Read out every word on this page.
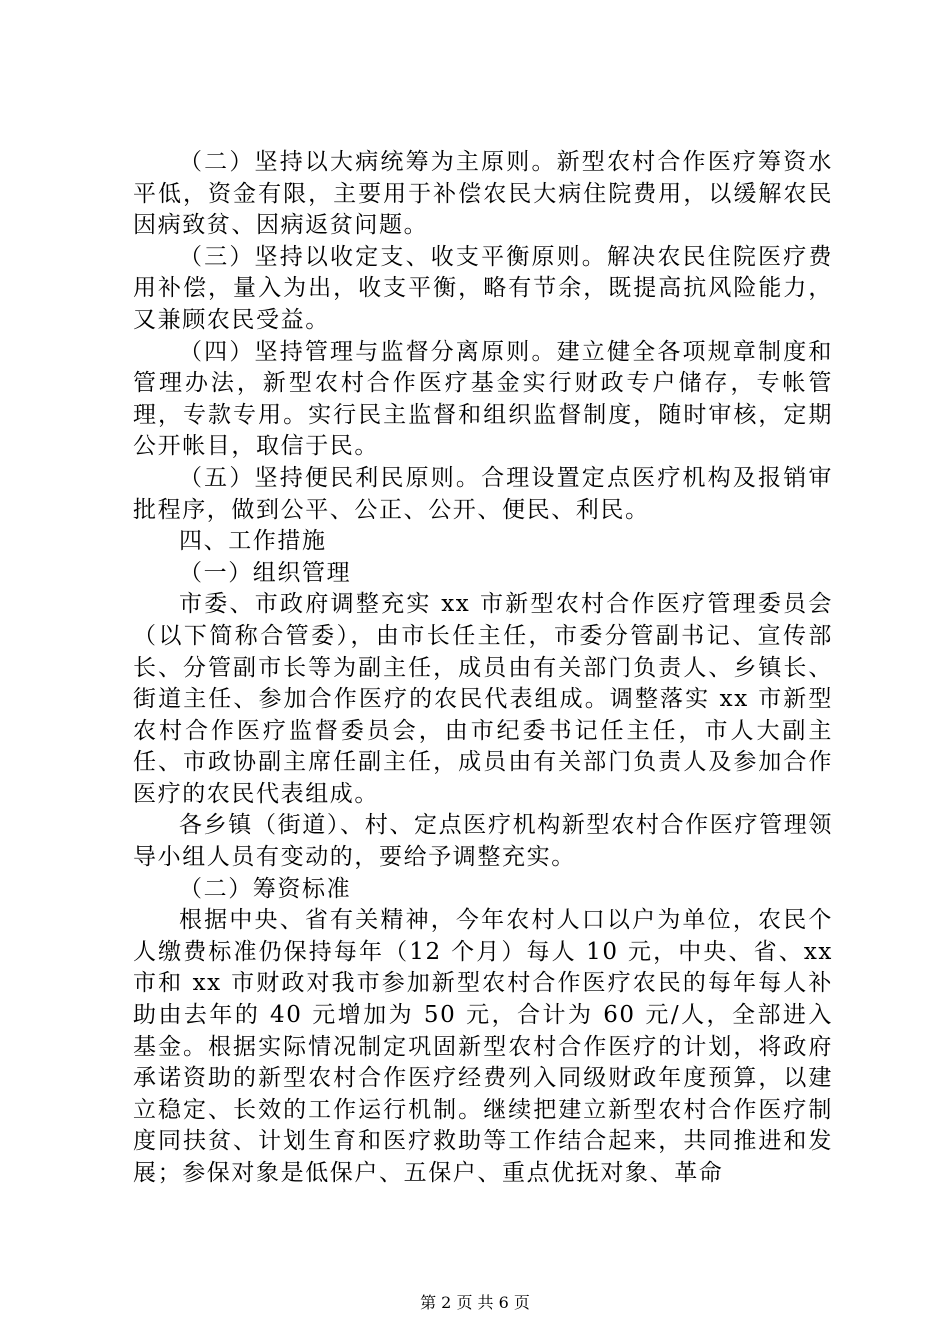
（二）坚持以大病统筹为主原则。新型农村合作医疗筹资水平低，资金有限，主要用于补偿农民大病住院费用，以缓解农民因病致贫、因病返贫问题。

（三）坚持以收定支、收支平衡原则。解决农民住院医疗费用补偿，量入为出，收支平衡，略有节余，既提高抗风险能力，又兼顾农民受益。

（四）坚持管理与监督分离原则。建立健全各项规章制度和管理办法，新型农村合作医疗基金实行财政专户储存，专帐管理，专款专用。实行民主监督和组织监督制度，随时审核，定期公开帐目，取信于民。

（五）坚持便民利民原则。合理设置定点医疗机构及报销审批程序，做到公平、公正、公开、便民、利民。

四、工作措施

（一）组织管理

市委、市政府调整充实 xx 市新型农村合作医疗管理委员会（以下简称合管委），由市长任主任，市委分管副书记、宣传部长、分管副市长等为副主任，成员由有关部门负责人、乡镇长、街道主任、参加合作医疗的农民代表组成。调整落实 xx 市新型农村合作医疗监督委员会，由市纪委书记任主任，市人大副主任、市政协副主席任副主任，成员由有关部门负责人及参加合作医疗的农民代表组成。

各乡镇（街道）、村、定点医疗机构新型农村合作医疗管理领导小组人员有变动的，要给予调整充实。

（二）筹资标准

根据中央、省有关精神，今年农村人口以户为单位，农民个人缴费标准仍保持每年（12 个月）每人 10 元，中央、省、xx 市和 xx 市财政对我市参加新型农村合作医疗农民的每年每人补助由去年的 40 元增加为 50 元，合计为 60 元/人，全部进入基金。根据实际情况制定巩固新型农村合作医疗的计划，将政府承诺资助的新型农村合作医疗经费列入同级财政年度预算，以建立稳定、长效的工作运行机制。继续把建立新型农村合作医疗制度同扶贫、计划生育和医疗救助等工作结合起来，共同推进和发展；参保对象是低保户、五保户、重点优抚对象、革命

第 2 页 共 6 页
